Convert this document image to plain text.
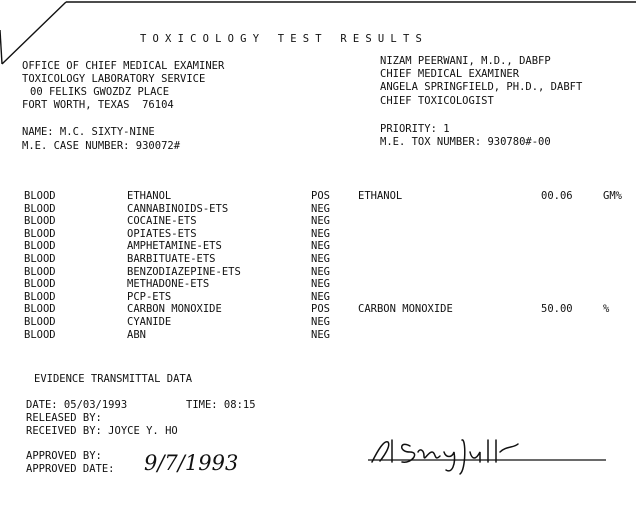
TOXICOLOGY TEST RESULTS
OFFICE OF CHIEF MEDICAL EXAMINER
TOXICOLOGY LABORATORY SERVICE
00 FELIKS GWOZDZ PLACE
FORT WORTH, TEXAS  76104
NIZAM PEERWANI, M.D., DABFP
CHIEF MEDICAL EXAMINER
ANGELA SPRINGFIELD, PH.D., DABFT
CHIEF TOXICOLOGIST
NAME: M.C. SIXTY-NINE
M.E. CASE NUMBER: 930072#
PRIORITY: 1
M.E. TOX NUMBER: 930780#-00
BLOOD	ETHANOL	POS	ETHANOL	00.06	GM%
BLOOD	CANNABINOIDS-ETS	NEG
BLOOD	COCAINE-ETS	NEG
BLOOD	OPIATES-ETS	NEG
BLOOD	AMPHETAMINE-ETS	NEG
BLOOD	BARBITUATE-ETS	NEG
BLOOD	BENZODIAZEPINE-ETS	NEG
BLOOD	METHADONE-ETS	NEG
BLOOD	PCP-ETS	NEG
BLOOD	CARBON MONOXIDE	POS	CARBON MONOXIDE	50.00	%
BLOOD	CYANIDE	NEG
BLOOD	ABN	NEG
EVIDENCE TRANSMITTAL DATA
DATE: 05/03/1993	TIME: 08:15
RELEASED BY:
RECEIVED BY: JOYCE Y. HO
APPROVED BY:
APPROVED DATE: 9/7/1993
